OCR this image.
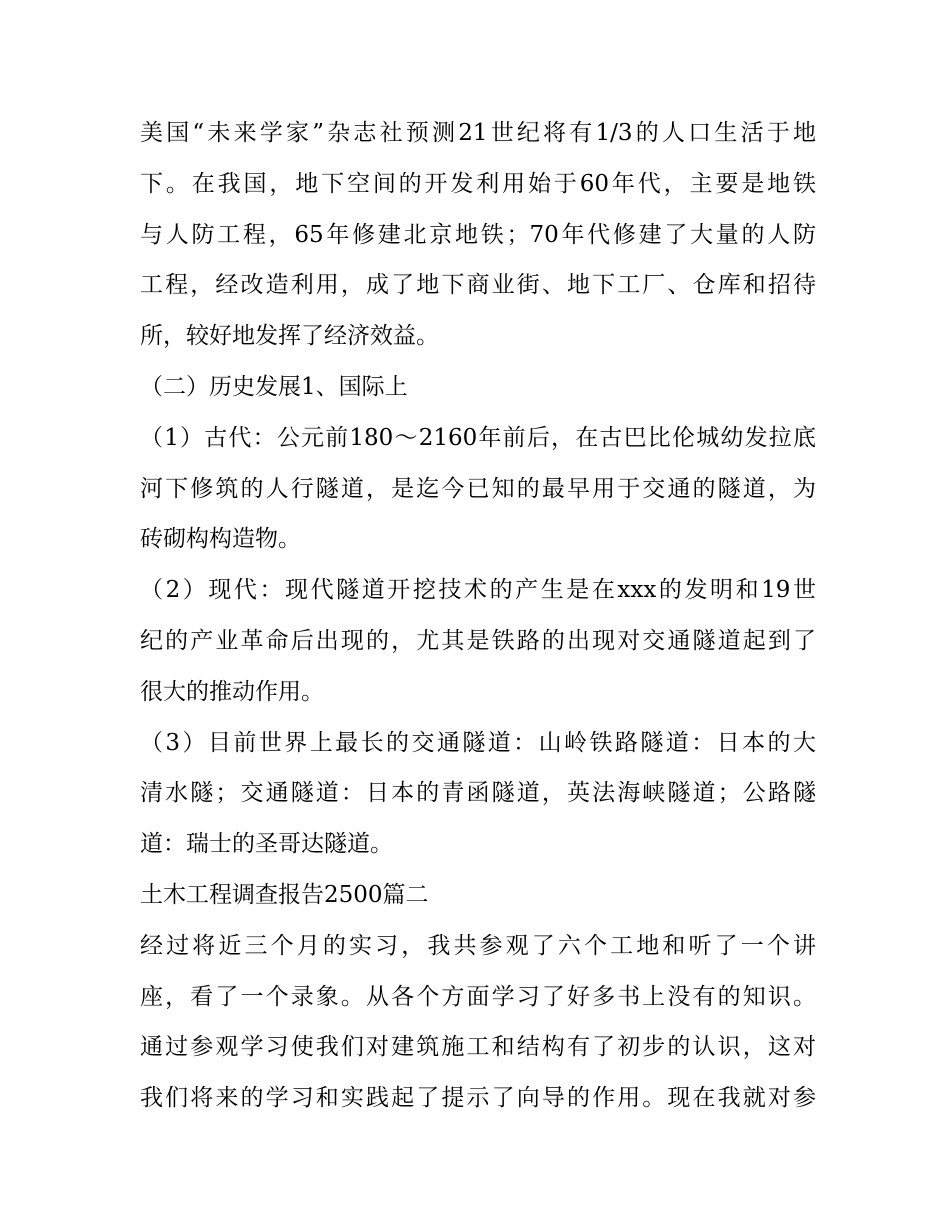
美国“未来学家”杂志社预测21世纪将有1/3的人口生活于地
下。在我国，地下空间的开发利用始于60年代，主要是地铁
与人防工程，65年修建北京地铁；70年代修建了大量的人防
工程，经改造利用，成了地下商业街、地下工厂、仓库和招待
所，较好地发挥了经济效益。
（二）历史发展1、国际上
（1）古代：公元前180～2160年前后，在古巴比伦城幼发拉底
河下修筑的人行隧道，是迄今已知的最早用于交通的隧道，为
砖砌构构造物。
（2）现代：现代隧道开挖技术的产生是在xxx的发明和19世
纪的产业革命后出现的，尤其是铁路的出现对交通隧道起到了
很大的推动作用。
（3）目前世界上最长的交通隧道：山岭铁路隧道：日本的大
清水隧；交通隧道：日本的青函隧道，英法海峡隧道；公路隧
道：瑞士的圣哥达隧道。
土木工程调查报告2500篇二
经过将近三个月的实习，我共参观了六个工地和听了一个讲
座，看了一个录象。从各个方面学习了好多书上没有的知识。
通过参观学习使我们对建筑施工和结构有了初步的认识，这对
我们将来的学习和实践起了提示了向导的作用。现在我就对参
